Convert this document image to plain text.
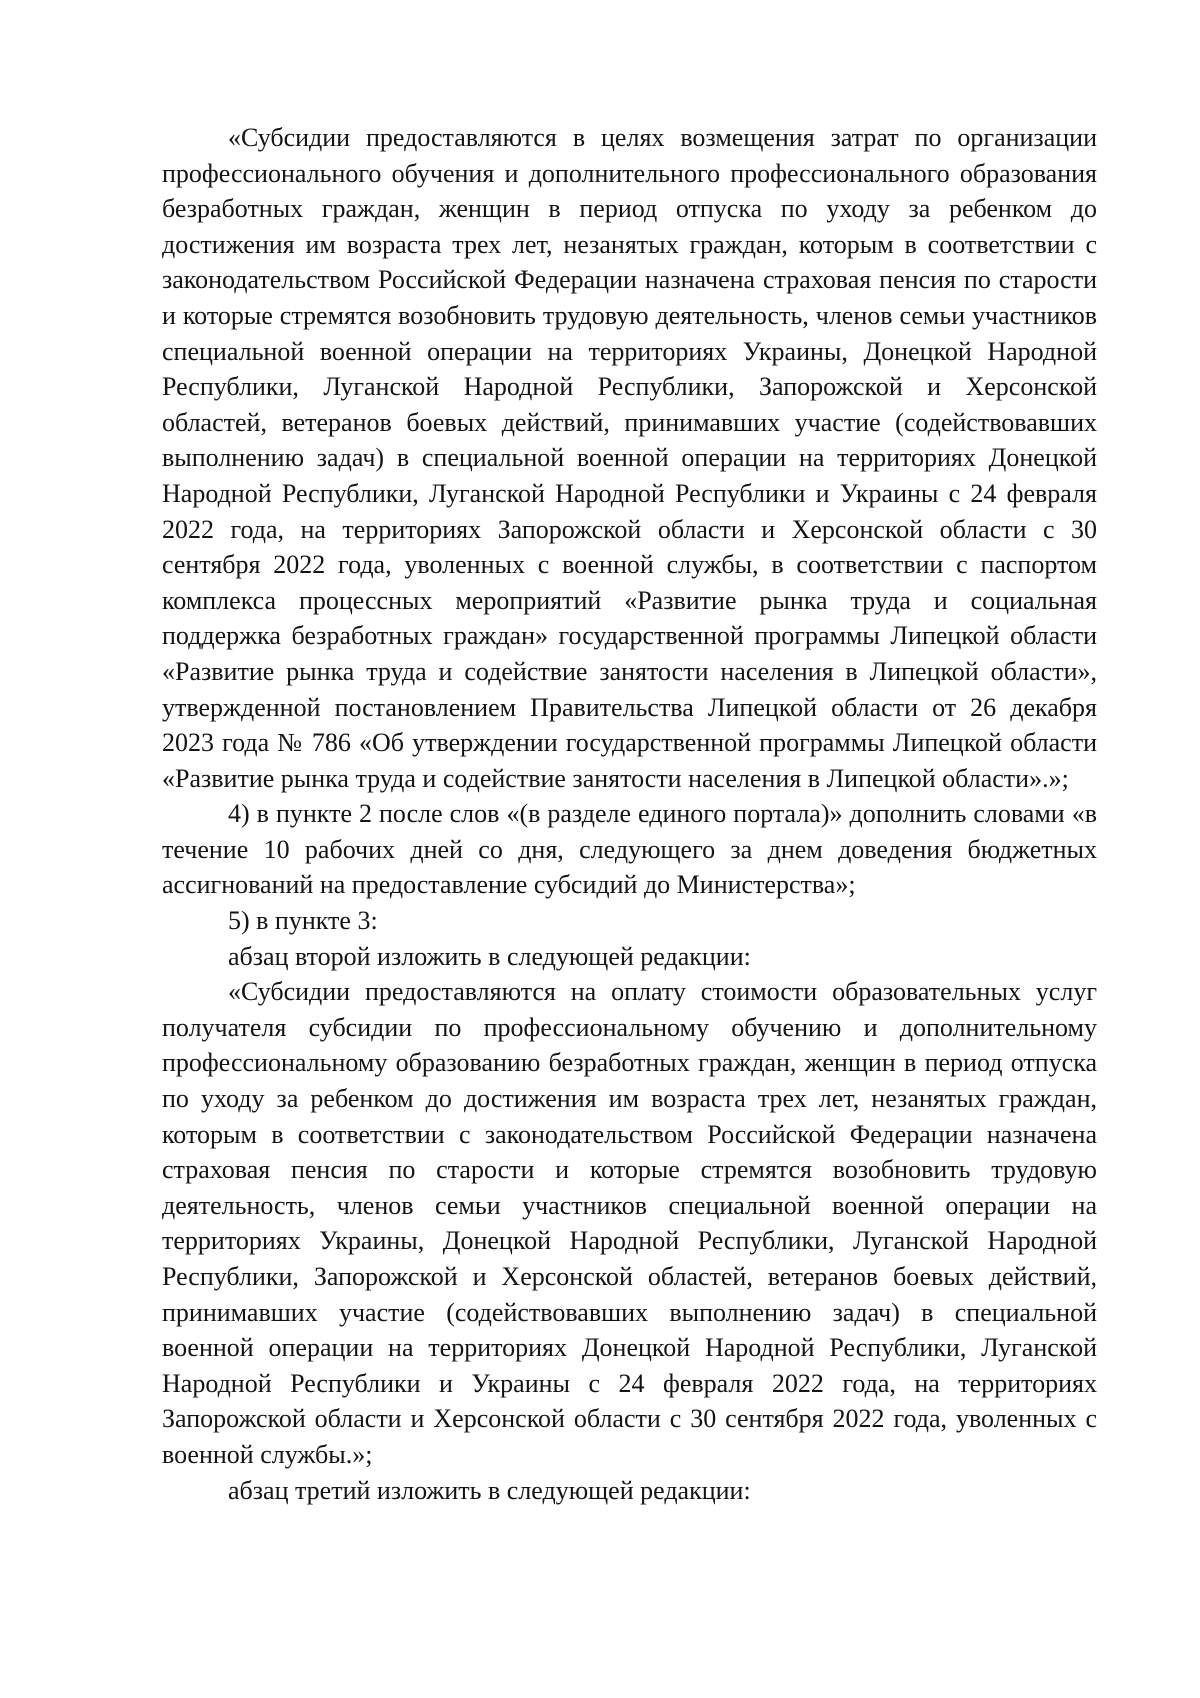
«Субсидии предоставляются в целях возмещения затрат по организации профессионального обучения и дополнительного профессионального образования безработных граждан, женщин в период отпуска по уходу за ребенком до достижения им возраста трех лет, незанятых граждан, которым в соответствии с законодательством Российской Федерации назначена страховая пенсия по старости и которые стремятся возобновить трудовую деятельность, членов семьи участников специальной военной операции на территориях Украины, Донецкой Народной Республики, Луганской Народной Республики, Запорожской и Херсонской областей, ветеранов боевых действий, принимавших участие (содействовавших выполнению задач) в специальной военной операции на территориях Донецкой Народной Республики, Луганской Народной Республики и Украины с 24 февраля 2022 года, на территориях Запорожской области и Херсонской области с 30 сентября 2022 года, уволенных с военной службы, в соответствии с паспортом комплекса процессных мероприятий «Развитие рынка труда и социальная поддержка безработных граждан» государственной программы Липецкой области «Развитие рынка труда и содействие занятости населения в Липецкой области», утвержденной постановлением Правительства Липецкой области от 26 декабря 2023 года № 786 «Об утверждении государственной программы Липецкой области «Развитие рынка труда и содействие занятости населения в Липецкой области».»;

4) в пункте 2 после слов «(в разделе единого портала)» дополнить словами «в течение 10 рабочих дней со дня, следующего за днем доведения бюджетных ассигнований на предоставление субсидий до Министерства»;

5) в пункте 3:

абзац второй изложить в следующей редакции:

«Субсидии предоставляются на оплату стоимости образовательных услуг получателя субсидии по профессиональному обучению и дополнительному профессиональному образованию безработных граждан, женщин в период отпуска по уходу за ребенком до достижения им возраста трех лет, незанятых граждан, которым в соответствии с законодательством Российской Федерации назначена страховая пенсия по старости и которые стремятся возобновить трудовую деятельность, членов семьи участников специальной военной операции на территориях Украины, Донецкой Народной Республики, Луганской Народной Республики, Запорожской и Херсонской областей, ветеранов боевых действий, принимавших участие (содействовавших выполнению задач) в специальной военной операции на территориях Донецкой Народной Республики, Луганской Народной Республики и Украины с 24 февраля 2022 года, на территориях Запорожской области и Херсонской области с 30 сентября 2022 года, уволенных с военной службы.»;

абзац третий изложить в следующей редакции:
